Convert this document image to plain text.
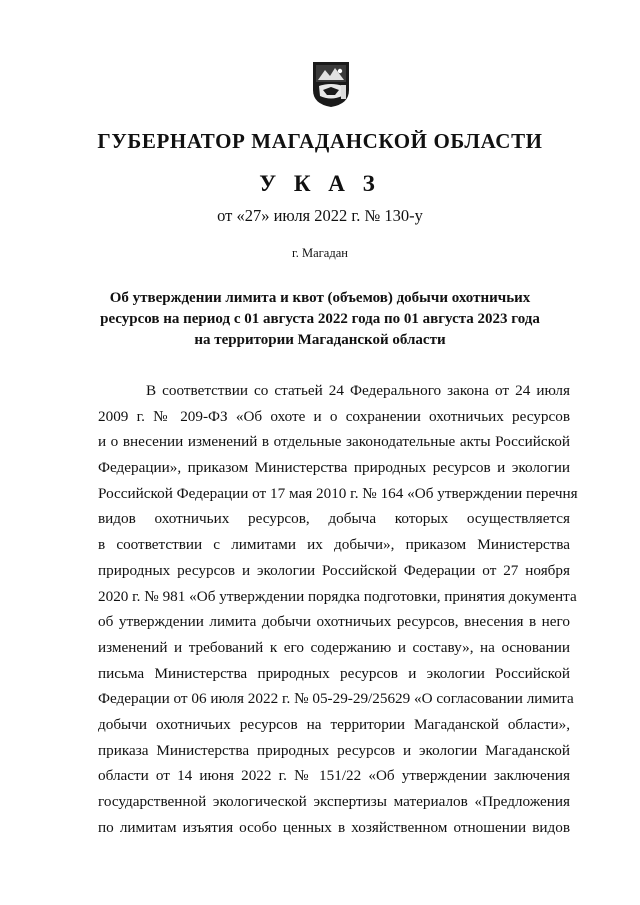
ГУБЕРНАТОР МАГАДАНСКОЙ ОБЛАСТИ
У К А З
от «27» июля 2022 г. № 130-у
г. Магадан
Об утверждении лимита и квот (объемов) добычи охотничьих
ресурсов на период с 01 августа 2022 года по 01 августа 2023 года
на территории Магаданской области
В соответствии со статьей 24 Федерального закона от 24 июля
2009 г. № 209-ФЗ «Об охоте и о сохранении охотничьих ресурсов
и о внесении изменений в отдельные законодательные акты Российской
Федерации», приказом Министерства природных ресурсов и экологии
Российской Федерации от 17 мая 2010 г. № 164 «Об утверждении перечня
видов охотничьих ресурсов, добыча которых осуществляется
в соответствии с лимитами их добычи», приказом Министерства
природных ресурсов и экологии Российской Федерации от 27 ноября
2020 г. № 981 «Об утверждении порядка подготовки, принятия документа
об утверждении лимита добычи охотничьих ресурсов, внесения в него
изменений и требований к его содержанию и составу», на основании
письма Министерства природных ресурсов и экологии Российской
Федерации от 06 июля 2022 г. № 05-29-29/25629 «О согласовании лимита
добычи охотничьих ресурсов на территории Магаданской области»,
приказа Министерства природных ресурсов и экологии Магаданской
области от 14 июня 2022 г. № 151/22 «Об утверждении заключения
государственной экологической экспертизы материалов «Предложения
по лимитам изъятия особо ценных в хозяйственном отношении видов
